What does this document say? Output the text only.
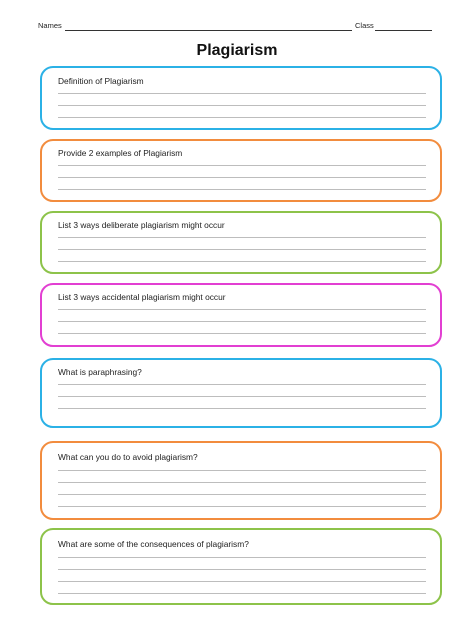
Names	Class
Plagiarism
Definition of Plagiarism
Provide 2 examples of Plagiarism
List 3 ways deliberate plagiarism might occur
List 3 ways accidental plagiarism might occur
What is paraphrasing?
What can you do to avoid plagiarism?
What are some of the consequences of plagiarism?
